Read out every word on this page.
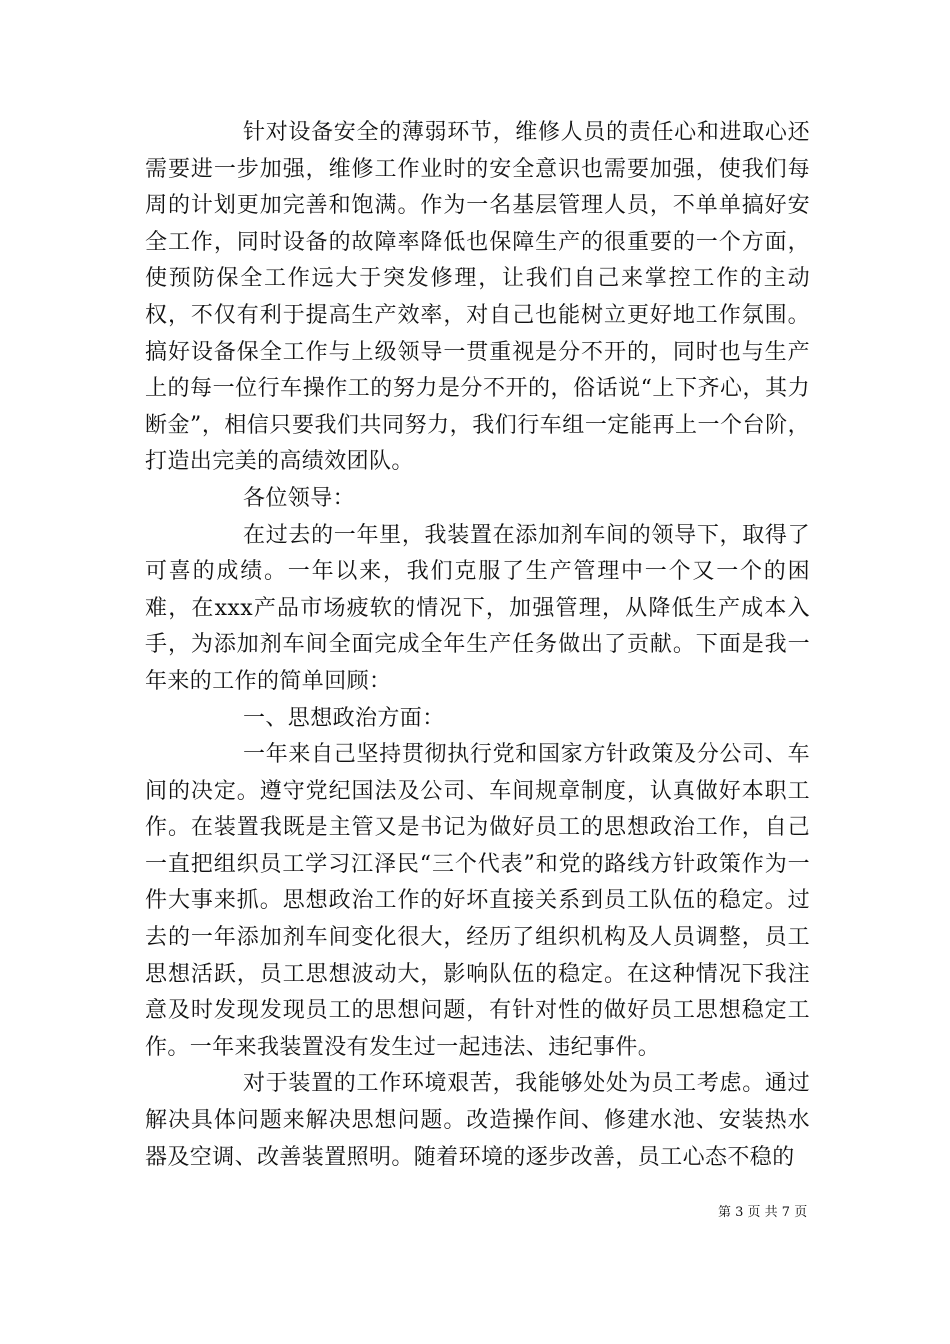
针对设备安全的薄弱环节，维修人员的责任心和进取心还需要进一步加强，维修工作业时的安全意识也需要加强，使我们每周的计划更加完善和饱满。作为一名基层管理人员，不单单搞好安全工作，同时设备的故障率降低也保障生产的很重要的一个方面，使预防保全工作远大于突发修理，让我们自己来掌控工作的主动权，不仅有利于提高生产效率，对自己也能树立更好地工作氛围。搞好设备保全工作与上级领导一贯重视是分不开的，同时也与生产上的每一位行车操作工的努力是分不开的，俗话说“上下齐心，其力断金”，相信只要我们共同努力，我们行车组一定能再上一个台阶，打造出完美的高绩效团队。

各位领导：

在过去的一年里，我装置在添加剂车间的领导下，取得了可喜的成绩。一年以来，我们克服了生产管理中一个又一个的困难，在xxx产品市场疲软的情况下，加强管理，从降低生产成本入手，为添加剂车间全面完成全年生产任务做出了贡献。下面是我一年来的工作的简单回顾：

一、思想政治方面：

一年来自己坚持贯彻执行党和国家方针政策及分公司、车间的决定。遵守党纪国法及公司、车间规章制度，认真做好本职工作。在装置我既是主管又是书记为做好员工的思想政治工作，自己一直把组织员工学习江泽民“三个代表”和党的路线方针政策作为一件大事来抓。思想政治工作的好坏直接关系到员工队伍的稳定。过去的一年添加剂车间变化很大，经历了组织机构及人员调整，员工思想活跃，员工思想波动大，影响队伍的稳定。在这种情况下我注意及时发现发现员工的思想问题，有针对性的做好员工思想稳定工作。一年来我装置没有发生过一起违法、违纪事件。

对于装置的工作环境艰苦，我能够处处为员工考虑。通过解决具体问题来解决思想问题。改造操作间、修建水池、安装热水器及空调、改善装置照明。随着环境的逐步改善，员工心态不稳的

第 3 页 共 7 页
